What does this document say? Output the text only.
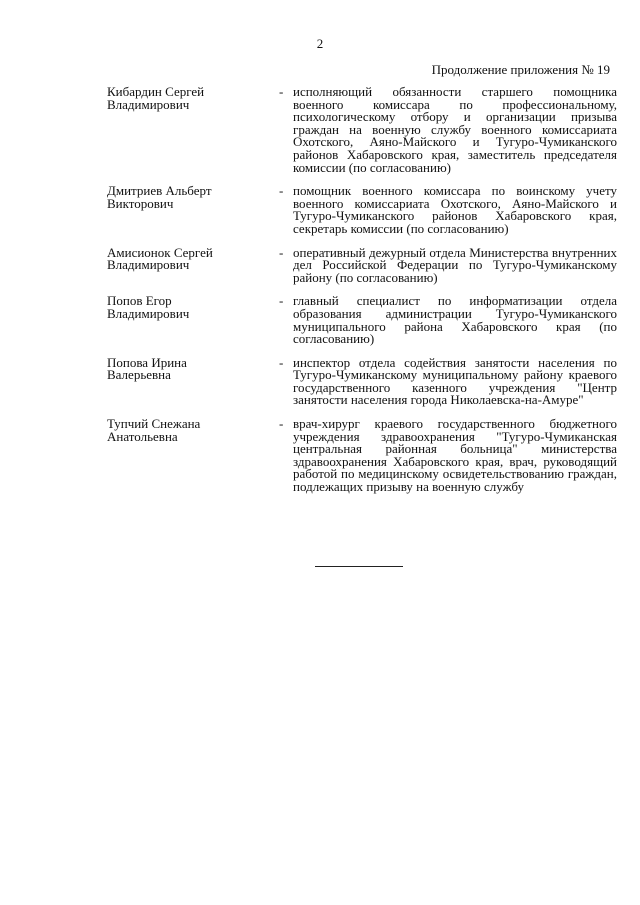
2
Продолжение приложения № 19
Кибардин Сергей
Владимирович
- исполняющий обязанности старшего помощника военного комиссара по профессиональному, психологическому отбору и организации призыва граждан на военную службу военного комиссариата Охотского, Аяно-Майского и Тугуро-Чумиканского районов Хабаровского края, заместитель председателя комиссии (по согласованию)
Дмитриев Альберт
Викторович
- помощник военного комиссара по воинскому учету военного комиссариата Охотского, Аяно-Майского и Тугуро-Чумиканского районов Хабаровского края, секретарь комиссии (по согласованию)
Амисионок Сергей
Владимирович
- оперативный дежурный отдела Министерства внутренних дел Российской Федерации по Тугуро-Чумиканскому району (по согласованию)
Попов Егор
Владимирович
- главный специалист по информатизации отдела образования администрации Тугуро-Чумиканского муниципального района Хабаровского края (по согласованию)
Попова Ирина
Валерьевна
- инспектор отдела содействия занятости населения по Тугуро-Чумиканскому муниципальному району краевого государственного казенного учреждения "Центр занятости населения города Николаевска-на-Амуре"
Тупчий Снежана
Анатольевна
- врач-хирург краевого государственного бюджетного учреждения здравоохранения "Тугуро-Чумиканская центральная районная больница" министерства здравоохранения Хабаровского края, врач, руководящий работой по медицинскому освидетельствованию граждан, подлежащих призыву на военную службу
